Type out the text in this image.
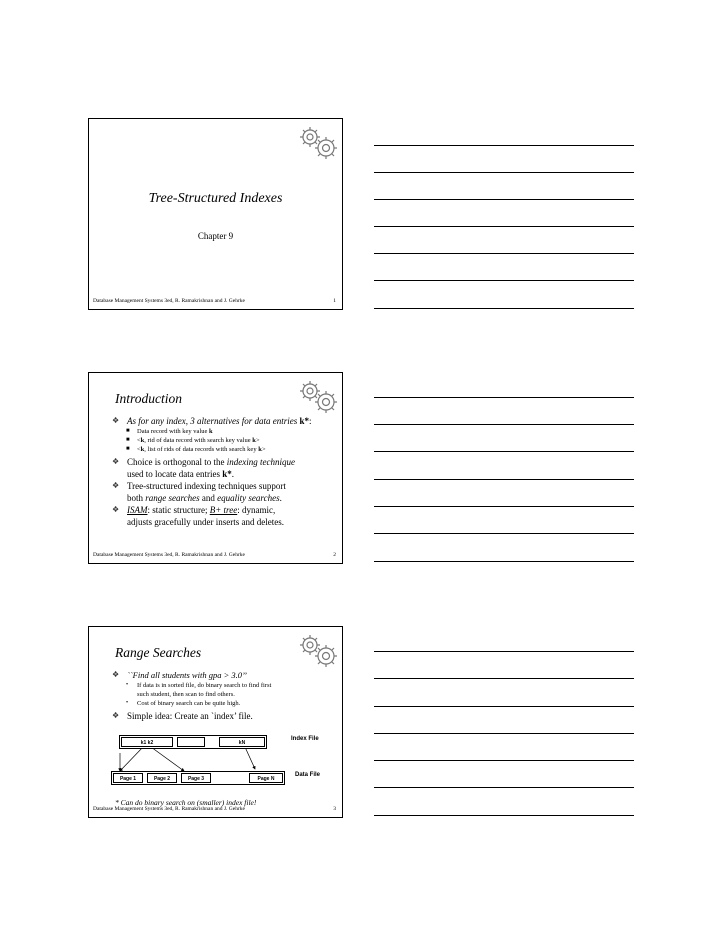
Tree-Structured Indexes
Chapter 9
Database Management Systems 3ed, R. Ramakrishnan and J. Gehrke	1
Introduction
❖ As for any index, 3 alternatives for data entries k*:
■ Data record with key value k
■ <k, rid of data record with search key value k>
■ <k, list of rids of data records with search key k>
❖ Choice is orthogonal to the indexing technique
used to locate data entries k*.
❖ Tree-structured indexing techniques support
both range searches and equality searches.
❖ ISAM: static structure; B+ tree: dynamic,
adjusts gracefully under inserts and deletes.
Database Management Systems 3ed, R. Ramakrishnan and J. Gehrke	2
Range Searches
❖ ``Find all students with gpa > 3.0’’
• If data is in sorted file, do binary search to find first
such student, then scan to find others.
• Cost of binary search can be quite high.
❖ Simple idea: Create an `index’ file.
k1 k2	kN
Index File
Page 1	Page 2	Page 3	Page N
Data File
* Can do binary search on (smaller) index file!
Database Management Systems 3ed, R. Ramakrishnan and J. Gehrke	3
